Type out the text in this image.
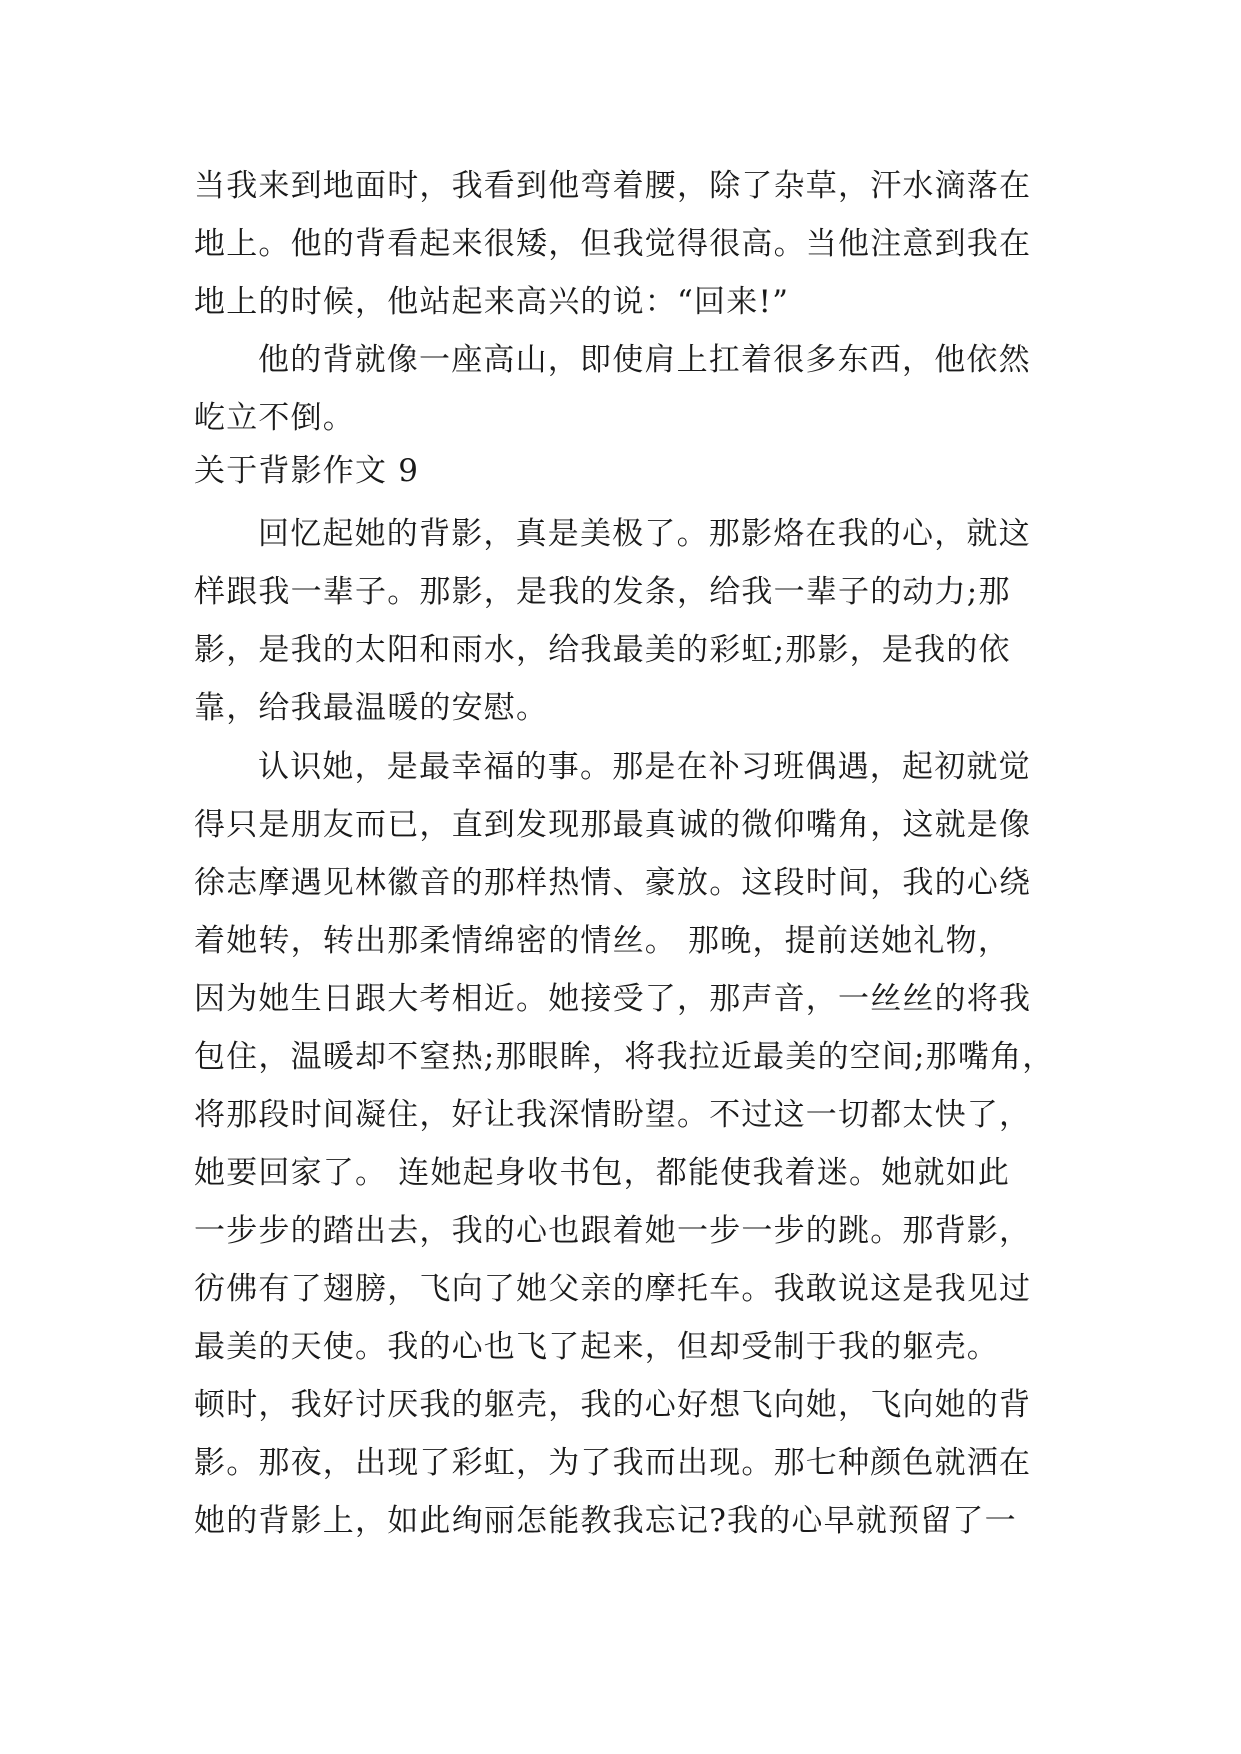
当我来到地面时，我看到他弯着腰，除了杂草，汗水滴落在
地上。他的背看起来很矮，但我觉得很高。当他注意到我在
地上的时候，他站起来高兴的说：“回来!”
他的背就像一座高山，即使肩上扛着很多东西，他依然
屹立不倒。
关于背影作文 9
回忆起她的背影，真是美极了。那影烙在我的心，就这
样跟我一辈子。那影，是我的发条，给我一辈子的动力;那
影，是我的太阳和雨水，给我最美的彩虹;那影，是我的依
靠，给我最温暖的安慰。
认识她，是最幸福的事。那是在补习班偶遇，起初就觉
得只是朋友而已，直到发现那最真诚的微仰嘴角，这就是像
徐志摩遇见林徽音的那样热情、豪放。这段时间，我的心绕
着她转，转出那柔情绵密的情丝。 那晚，提前送她礼物，
因为她生日跟大考相近。她接受了，那声音，一丝丝的将我
包住，温暖却不窒热;那眼眸，将我拉近最美的空间;那嘴角，
将那段时间凝住，好让我深情盼望。不过这一切都太快了，
她要回家了。 连她起身收书包，都能使我着迷。她就如此
一步步的踏出去，我的心也跟着她一步一步的跳。那背影，
彷佛有了翅膀，飞向了她父亲的摩托车。我敢说这是我见过
最美的天使。我的心也飞了起来，但却受制于我的躯壳。
顿时，我好讨厌我的躯壳，我的心好想飞向她，飞向她的背
影。那夜，出现了彩虹，为了我而出现。那七种颜色就洒在
她的背影上，如此绚丽怎能教我忘记?我的心早就预留了一
